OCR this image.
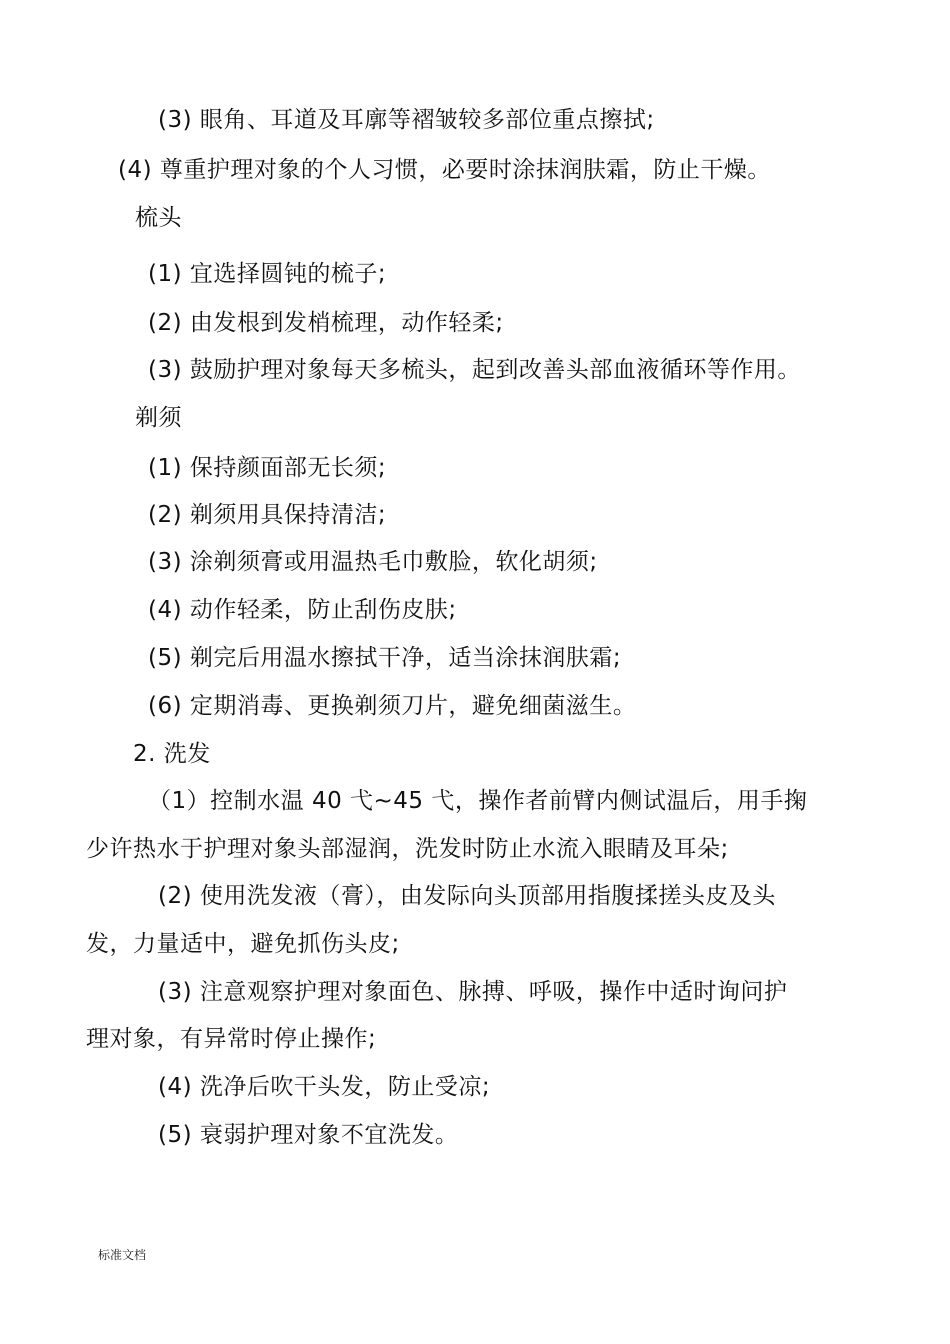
(3) 眼角、耳道及耳廓等褶皱较多部位重点擦拭;
(4) 尊重护理对象的个人习惯，必要时涂抹润肤霜，防止干燥。
梳头
(1) 宜选择圆钝的梳子;
(2) 由发根到发梢梳理，动作轻柔;
(3) 鼓励护理对象每天多梳头，起到改善头部血液循环等作用。
剃须
(1) 保持颜面部无长须;
(2) 剃须用具保持清洁;
(3) 涂剃须膏或用温热毛巾敷脸，软化胡须;
(4) 动作轻柔，防止刮伤皮肤;
(5) 剃完后用温水擦拭干净，适当涂抹润肤霜;
(6) 定期消毒、更换剃须刀片，避免细菌滋生。
2. 洗发
（1）控制水温 40 弋~45 弋，操作者前臂内侧试温后，用手掬
少许热水于护理对象头部湿润，洗发时防止水流入眼睛及耳朵;
(2) 使用洗发液（膏），由发际向头顶部用指腹揉搓头皮及头
发，力量适中，避免抓伤头皮;
(3) 注意观察护理对象面色、脉搏、呼吸，操作中适时询问护
理对象，有异常时停止操作;
(4) 洗净后吹干头发，防止受凉;
(5) 衰弱护理对象不宜洗发。
标准文档
